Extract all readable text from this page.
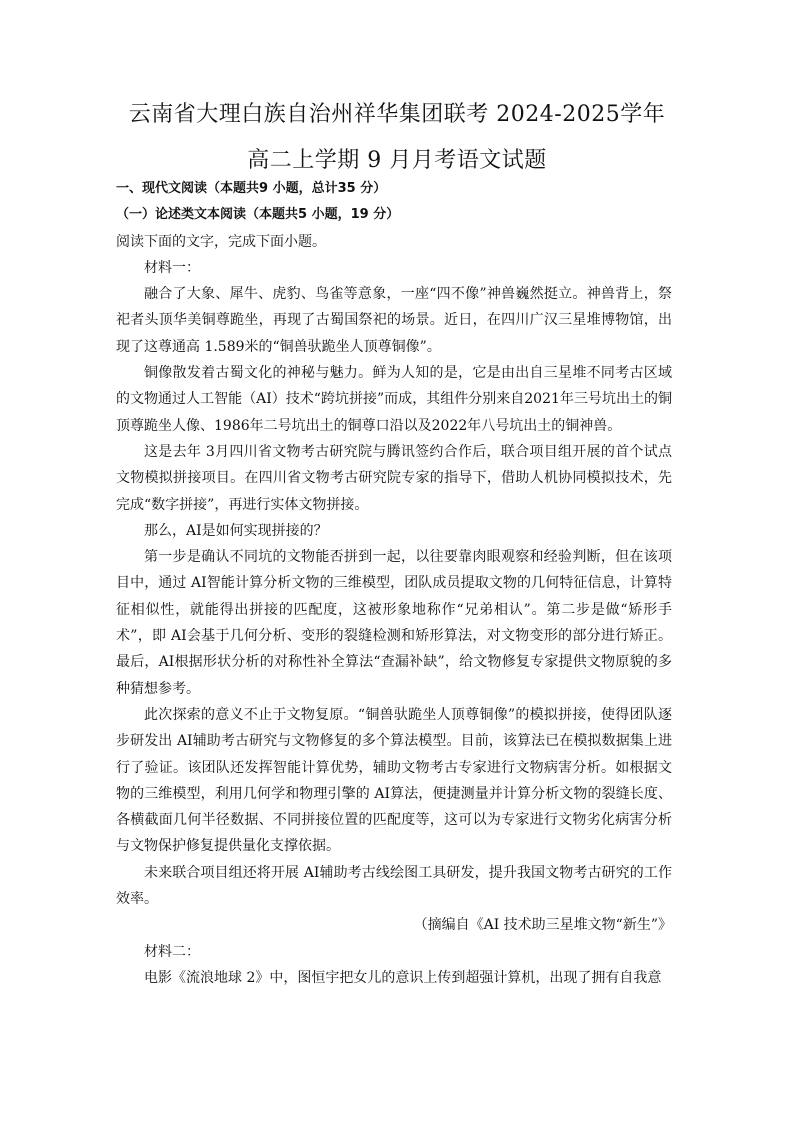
云南省大理白族自治州祥华集团联考 2024-2025学年
高二上学期 9 月月考语文试题
一、现代文阅读（本题共9 小题，总计35 分）
（一）论述类文本阅读（本题共5 小题，19 分）
阅读下面的文字，完成下面小题。
材料一：

融合了大象、犀牛、虎豹、鸟雀等意象，一座“四不像”神兽巍然挺立。神兽背上，祭祀者头顶华美铜尊跪坐，再现了古蜀国祭祀的场景。近日，在四川广汉三星堆博物馆，出现了这尊通高 1.589米的“铜兽驮跪坐人顶尊铜像”。

铜像散发着古蜀文化的神秘与魅力。鲜为人知的是，它是由出自三星堆不同考古区域的文物通过人工智能（AI）技术“跨坑拼接”而成，其组件分别来自2021年三号坑出土的铜顶尊跪坐人像、1986年二号坑出土的铜尊口沿以及2022年八号坑出土的铜神兽。

这是去年 3月四川省文物考古研究院与腾讯签约合作后，联合项目组开展的首个试点文物模拟拼接项目。在四川省文物考古研究院专家的指导下，借助人机协同模拟技术，先完成“数字拼接”，再进行实体文物拼接。

那么，AI是如何实现拼接的？

第一步是确认不同坑的文物能否拼到一起，以往要靠肉眼观察和经验判断，但在该项目中，通过 AI智能计算分析文物的三维模型，团队成员提取文物的几何特征信息，计算特征相似性，就能得出拼接的匹配度，这被形象地称作“兄弟相认”。第二步是做“矫形手术”，即 AI会基于几何分析、变形的裂缝检测和矫形算法，对文物变形的部分进行矫正。最后，AI根据形状分析的对称性补全算法“查漏补缺”，给文物修复专家提供文物原貌的多种猜想参考。

此次探索的意义不止于文物复原。“铜兽驮跪坐人顶尊铜像”的模拟拼接，使得团队逐步研发出 AI辅助考古研究与文物修复的多个算法模型。目前，该算法已在模拟数据集上进行了验证。该团队还发挥智能计算优势，辅助文物考古专家进行文物病害分析。如根据文物的三维模型，利用几何学和物理引擎的 AI算法，便捷测量并计算分析文物的裂缝长度、各横截面几何半径数据、不同拼接位置的匹配度等，这可以为专家进行文物劣化病害分析与文物保护修复提供量化支撑依据。

未来联合项目组还将开展 AI辅助考古线绘图工具研发，提升我国文物考古研究的工作效率。

（摘编自《AI 技术助三星堆文物“新生”》
材料二：

电影《流浪地球 2》中，图恒宇把女儿的意识上传到超强计算机，出现了拥有自我意
